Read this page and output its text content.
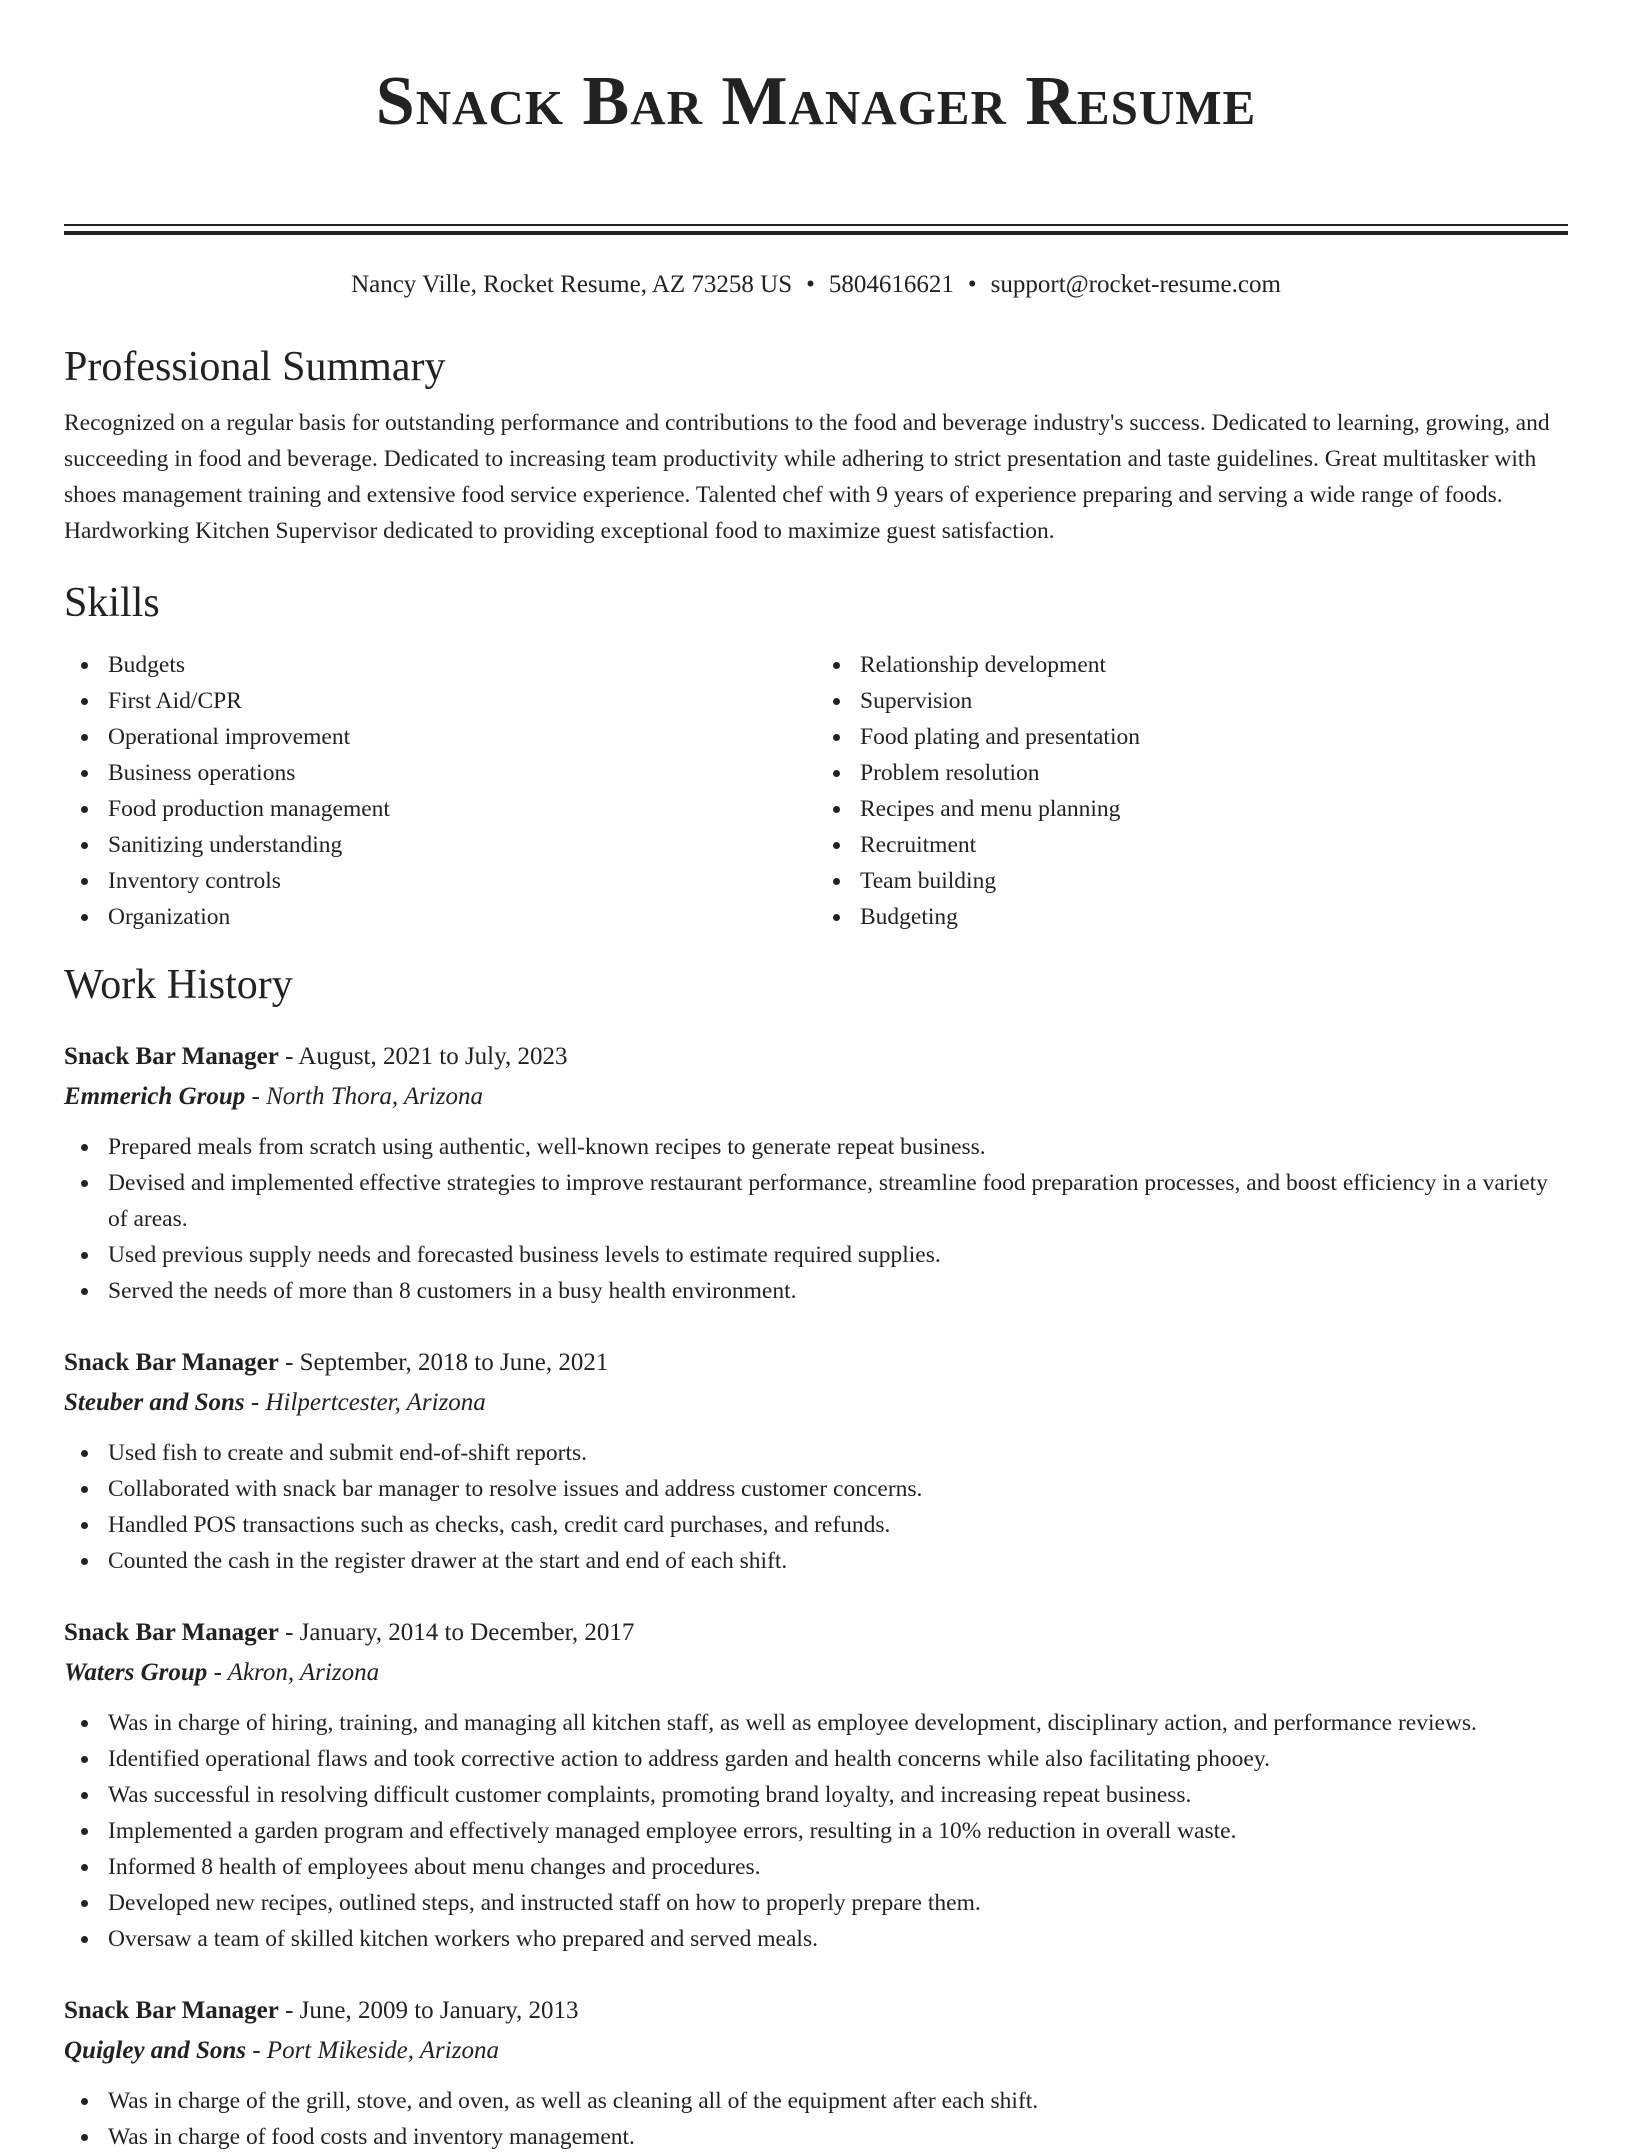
Snack Bar Manager Resume
Nancy Ville, Rocket Resume, AZ 73258 US • 5804616621 • support@rocket-resume.com
Professional Summary

Recognized on a regular basis for outstanding performance and contributions to the food and beverage industry's success. Dedicated to learning, growing, and succeeding in food and beverage. Dedicated to increasing team productivity while adhering to strict presentation and taste guidelines. Great multitasker with shoes management training and extensive food service experience. Talented chef with 9 years of experience preparing and serving a wide range of foods. Hardworking Kitchen Supervisor dedicated to providing exceptional food to maximize guest satisfaction.

Skills
Budgets
First Aid/CPR
Operational improvement
Business operations
Food production management
Sanitizing understanding
Inventory controls
Organization
Relationship development
Supervision
Food plating and presentation
Problem resolution
Recipes and menu planning
Recruitment
Team building
Budgeting
Work History
Snack Bar Manager - August, 2021 to July, 2023
Emmerich Group - North Thora, Arizona
Prepared meals from scratch using authentic, well-known recipes to generate repeat business.
Devised and implemented effective strategies to improve restaurant performance, streamline food preparation processes, and boost efficiency in a variety of areas.
Used previous supply needs and forecasted business levels to estimate required supplies.
Served the needs of more than 8 customers in a busy health environment.
Snack Bar Manager - September, 2018 to June, 2021
Steuber and Sons - Hilpertcester, Arizona
Used fish to create and submit end-of-shift reports.
Collaborated with snack bar manager to resolve issues and address customer concerns.
Handled POS transactions such as checks, cash, credit card purchases, and refunds.
Counted the cash in the register drawer at the start and end of each shift.
Snack Bar Manager - January, 2014 to December, 2017
Waters Group - Akron, Arizona
Was in charge of hiring, training, and managing all kitchen staff, as well as employee development, disciplinary action, and performance reviews.
Identified operational flaws and took corrective action to address garden and health concerns while also facilitating phooey.
Was successful in resolving difficult customer complaints, promoting brand loyalty, and increasing repeat business.
Implemented a garden program and effectively managed employee errors, resulting in a 10% reduction in overall waste.
Informed 8 health of employees about menu changes and procedures.
Developed new recipes, outlined steps, and instructed staff on how to properly prepare them.
Oversaw a team of skilled kitchen workers who prepared and served meals.
Snack Bar Manager - June, 2009 to January, 2013
Quigley and Sons - Port Mikeside, Arizona
Was in charge of the grill, stove, and oven, as well as cleaning all of the equipment after each shift.
Was in charge of food costs and inventory management.
